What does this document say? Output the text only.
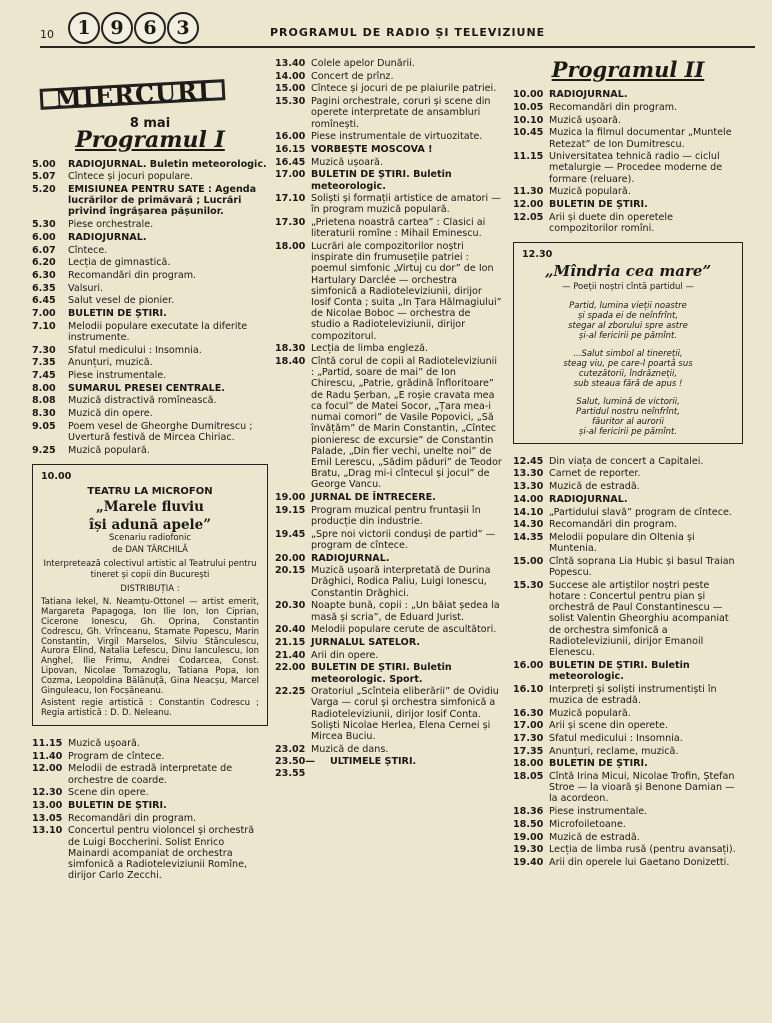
10	1	9	6	3	PROGRAMUL DE RADIO ȘI TELEVIZIUNE
MIERCURI
8 mai
Programul I
5.00	RADIOJURNAL. Buletin meteorologic.
5.07	Cîntece și jocuri populare.
5.20	EMISIUNEA PENTRU SATE : Agenda lucrărilor de primăvară ; Lucrări privind îngrășarea pășunilor.
5.30	Piese orchestrale.
6.00	RADIOJURNAL.
6.07	Cîntece.
6.20	Lecția de gimnastică.
6.30	Recomandări din program.
6.35	Valsuri.
6.45	Salut vesel de pionier.
7.00	BULETIN DE ȘTIRI.
7.10	Melodii populare executate la diferite instrumente.
7.30	Sfatul medicului : Insomnia.
7.35	Anunțuri, muzică.
7.45	Piese instrumentale.
8.00	SUMARUL PRESEI CENTRALE.
8.08	Muzică distractivă romînească.
8.30	Muzică din opere.
9.05	Poem vesel de Gheorghe Dumitrescu ; Uvertură festivă de Mircea Chiriac.
9.25	Muzică populară.
10.00
TEATRU LA MICROFON
„Marele fluviu
își adună apele”
Scenariu radiofonic
de DAN TÂRCHILĂ
Interpretează colectivul artistic al Teatrului pentru tineret și copii din București
DISTRIBUȚIA :
Tatiana Iekel, N. Neamțu-Ottonel — artist emerit, Margareta Papagoga, Ion Ilie Ion, Ion Ciprian, Cicerone Ionescu, Gh. Oprina, Constantin Codrescu, Gh. Vrînceanu, Stamate Popescu, Marin Constantin, Virgil Marselos, Silviu Stănculescu, Aurora Elind, Natalia Lefescu, Dinu Ianculescu, Ion Anghel, Ilie Frimu, Andrei Codarcea, Const. Lipovan, Nicolae Tomazoglu, Tatiana Popa, Ion Cozma, Leopoldina Bălănuță, Gina Neacșu, Marcel Ginguleacu, Ion Focșăneanu.
Asistent regie artistică : Constantin Codrescu ; Regia artistică : D. D. Neleanu.
11.15 Muzică ușoară.
11.40 Program de cîntece.
12.00 Melodii de estradă interpretate de orchestre de coarde.
12.30 Scene din opere.
13.00 BULETIN DE ȘTIRI.
13.05 Recomandări din program.
13.10 Concertul pentru violoncel și orchestră de Luigi Boccherini. Solist Enrico Mainardi acompaniat de orchestra simfonică a Radioteleviziunii Romîne, dirijor Carlo Zecchi.
13.40 Colele apelor Dunării.
14.00 Concert de prînz.
15.00 Cîntece și jocuri de pe plaiurile patriei.
15.30 Pagini orchestrale, coruri și scene din operete interpretate de ansambluri romînești.
16.00 Piese instrumentale de virtuozitate.
16.15 VORBEȘTE MOSCOVA !
16.45 Muzică ușoară.
17.00 BULETIN DE ȘTIRI. Buletin meteorologic.
17.10 Soliști și formații artistice de amatori — în program muzică populară.
17.30 „Prietena noastră cartea” : Clasici ai literaturii romîne : Mihail Eminescu.
18.00 Lucrări ale compozitorilor noștri inspirate din frumusețile patriei : poemul simfonic „Virtuj cu dor” de Ion Hartulary Darclée — orchestra simfonică a Radioteleviziunii, dirijor Iosif Conta ; suita „In Țara Hălmagiului” de Nicolae Boboc — orchestra de studio a Radioteleviziunii, dirijor compozitorul.
18.30 Lecția de limba engleză.
18.40 Cîntă corul de copii al Radioteleviziunii : „Partid, soare de mai” de Ion Chirescu, „Patrie, grădină înfloritoare” de Radu Șerban, „E roșie cravata mea ca focul” de Matei Socor, „Țara mea-i numai comori” de Vasile Popovici, „Să învățăm” de Marin Constantin, „Cîntec pionieresc de excursie” de Constantin Palade, „Din fier vechi, unelte noi” de Emil Lerescu, „Sădim păduri” de Teodor Bratu, „Drag mi-i cîntecul și jocul” de George Vancu.
19.00 JURNAL DE ÎNTRECERE.
19.15 Program muzical pentru fruntașii în producție din industrie.
19.45 „Spre noi victorii conduși de partid” — program de cîntece.
20.00 RADIOJURNAL.
20.15 Muzică ușoară interpretată de Durina Drăghici, Rodica Paliu, Luigi Ionescu, Constantin Drăghici.
20.30 Noapte bună, copii : „Un băiat ședea la masă și scria”, de Eduard Jurist.
20.40 Melodii populare cerute de ascultători.
21.15 JURNALUL SATELOR.
21.40 Arii din opere.
22.00 BULETIN DE ȘTIRI. Buletin meteorologic. Sport.
22.25 Oratoriul „Scînteia eliberării” de Ovidiu Varga — corul și orchestra simfonică a Radioteleviziunii, dirijor Iosif Conta. Soliști Nicolae Herlea, Elena Cernei și Mircea Buciu.
23.02 Muzică de dans.
23.50—23.55
ULTIMELE ȘTIRI.
Programul II
10.00 RADIOJURNAL.
10.05 Recomandări din program.
10.10 Muzică ușoară.
10.45 Muzica la filmul documentar „Muntele Retezat” de Ion Dumitrescu.
11.15 Universitatea tehnică radio — ciclul metalurgie — Procedee moderne de formare (reluare).
11.30 Muzică populară.
12.00 BULETIN DE ȘTIRI.
12.05 Arii și duete din operetele compozitorilor romîni.
12.30
„Mîndria cea mare”
— Poeții noștri cîntă partidul —
Partid, lumina vieții noastre
și spada ei de neînfrînt,
stegar al zborului spre astre
și-al fericirii pe pămînt.
...Salut simbol al tinereții,
steag viu, pe care-l poartă sus
cutezătorii, îndrăzneții,
sub steaua fără de apus !
Salut, lumină de victorii,
Partidul nostru neînfrînt,
făuritor al aurorii
și-al fericirii pe pămînt.
12.45 Din viața de concert a Capitalei.
13.30 Carnet de reporter.
13.30 Muzică de estradă.
14.00 RADIOJURNAL.
14.10 „Partidului slavă” program de cîntece.
14.30 Recomandări din program.
14.35 Melodii populare din Oltenia și Muntenia.
15.00 Cîntă soprana Lia Hubic și basul Traian Popescu.
15.30 Succese ale artiștilor noștri peste hotare : Concertul pentru pian și orchestră de Paul Constantinescu — solist Valentin Gheorghiu acompaniat de orchestra simfonică a Radioteleviziunii, dirijor Emanoil Elenescu.
16.00 BULETIN DE ȘTIRI. Buletin meteorologic.
16.10 Interpreți și soliști instrumentiști în muzica de estradă.
16.30 Muzică populară.
17.00 Arii și scene din operete.
17.30 Sfatul medicului : Insomnia.
17.35 Anunțuri, reclame, muzică.
18.00 BULETIN DE ȘTIRI.
18.05 Cîntă Irina Micui, Nicolae Trofin, Ștefan Stroe — la vioară și Benone Damian — la acordeon.
18.36 Piese instrumentale.
18.50 Microfoiletoane.
19.00 Muzică de estradă.
19.30 Lecția de limba rusă (pentru avansați).
19.40 Arii din operele lui Gaetano Donizetti.
